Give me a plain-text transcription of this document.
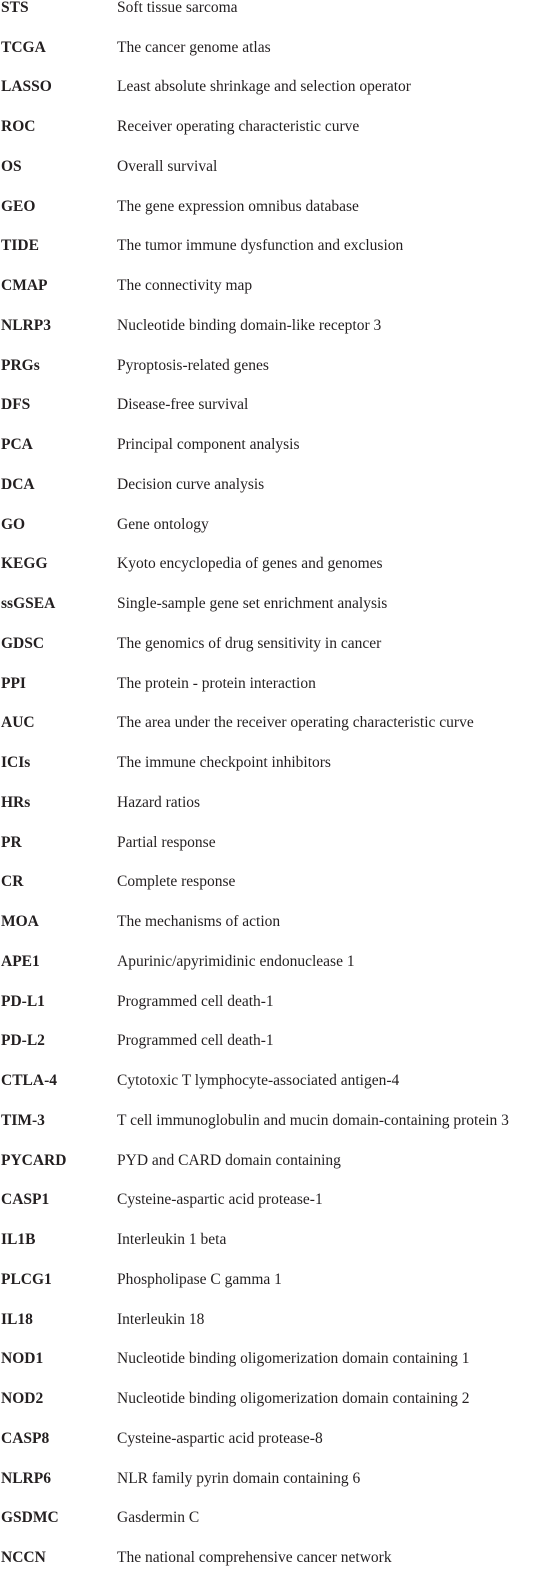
STS	Soft tissue sarcoma
TCGA	The cancer genome atlas
LASSO	Least absolute shrinkage and selection operator
ROC	Receiver operating characteristic curve
OS	Overall survival
GEO	The gene expression omnibus database
TIDE	The tumor immune dysfunction and exclusion
CMAP	The connectivity map
NLRP3	Nucleotide binding domain-like receptor 3
PRGs	Pyroptosis-related genes
DFS	Disease-free survival
PCA	Principal component analysis
DCA	Decision curve analysis
GO	Gene ontology
KEGG	Kyoto encyclopedia of genes and genomes
ssGSEA	Single-sample gene set enrichment analysis
GDSC	The genomics of drug sensitivity in cancer
PPI	The protein - protein interaction
AUC	The area under the receiver operating characteristic curve
ICIs	The immune checkpoint inhibitors
HRs	Hazard ratios
PR	Partial response
CR	Complete response
MOA	The mechanisms of action
APE1	Apurinic/apyrimidinic endonuclease 1
PD-L1	Programmed cell death-1
PD-L2	Programmed cell death-1
CTLA-4	Cytotoxic T lymphocyte-associated antigen-4
TIM-3	T cell immunoglobulin and mucin domain-containing protein 3
PYCARD	PYD and CARD domain containing
CASP1	Cysteine-aspartic acid protease-1
IL1B	Interleukin 1 beta
PLCG1	Phospholipase C gamma 1
IL18	Interleukin 18
NOD1	Nucleotide binding oligomerization domain containing 1
NOD2	Nucleotide binding oligomerization domain containing 2
CASP8	Cysteine-aspartic acid protease-8
NLRP6	NLR family pyrin domain containing 6
GSDMC	Gasdermin C
NCCN	The national comprehensive cancer network
